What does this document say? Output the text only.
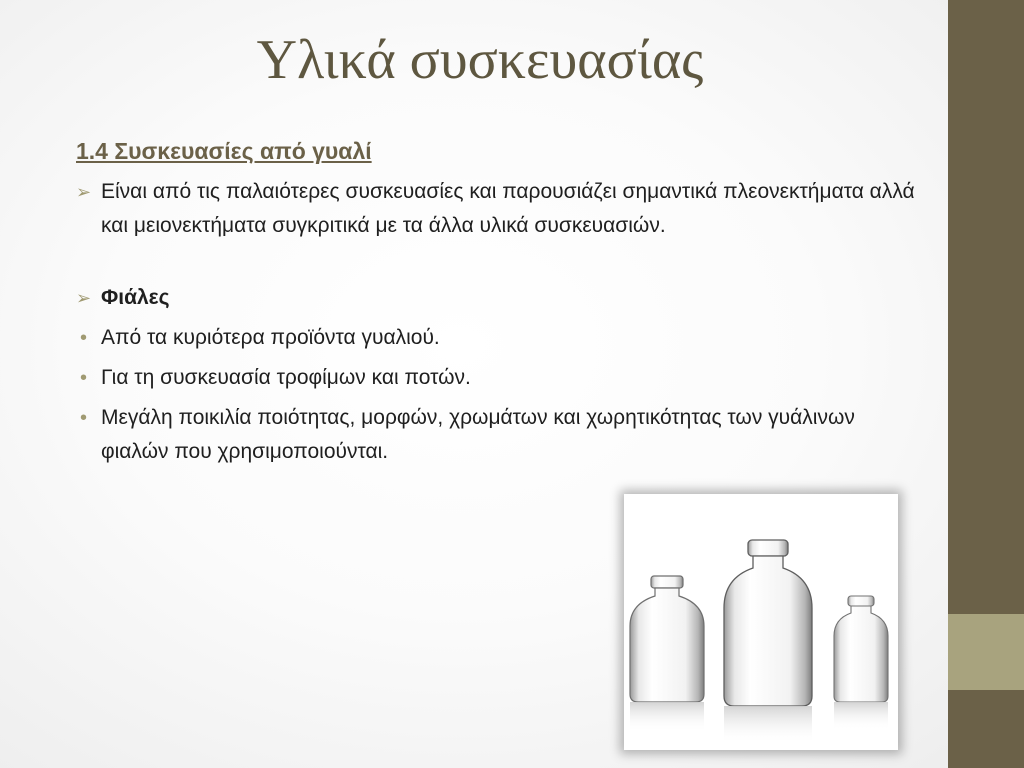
Υλικά συσκευασίας
1.4 Συσκευασίες από γυαλί
➢ Είναι από τις παλαιότερες συσκευασίες και παρουσιάζει σημαντικά πλεονεκτήματα αλλά και μειονεκτήματα συγκριτικά με τα άλλα υλικά συσκευασιών.
➢ Φιάλες
• Από τα κυριότερα προϊόντα γυαλιού.
• Για τη συσκευασία τροφίμων και ποτών.
• Μεγάλη ποικιλία ποιότητας, μορφών, χρωμάτων και χωρητικότητας των γυάλινων φιαλών που χρησιμοποιούνται.
